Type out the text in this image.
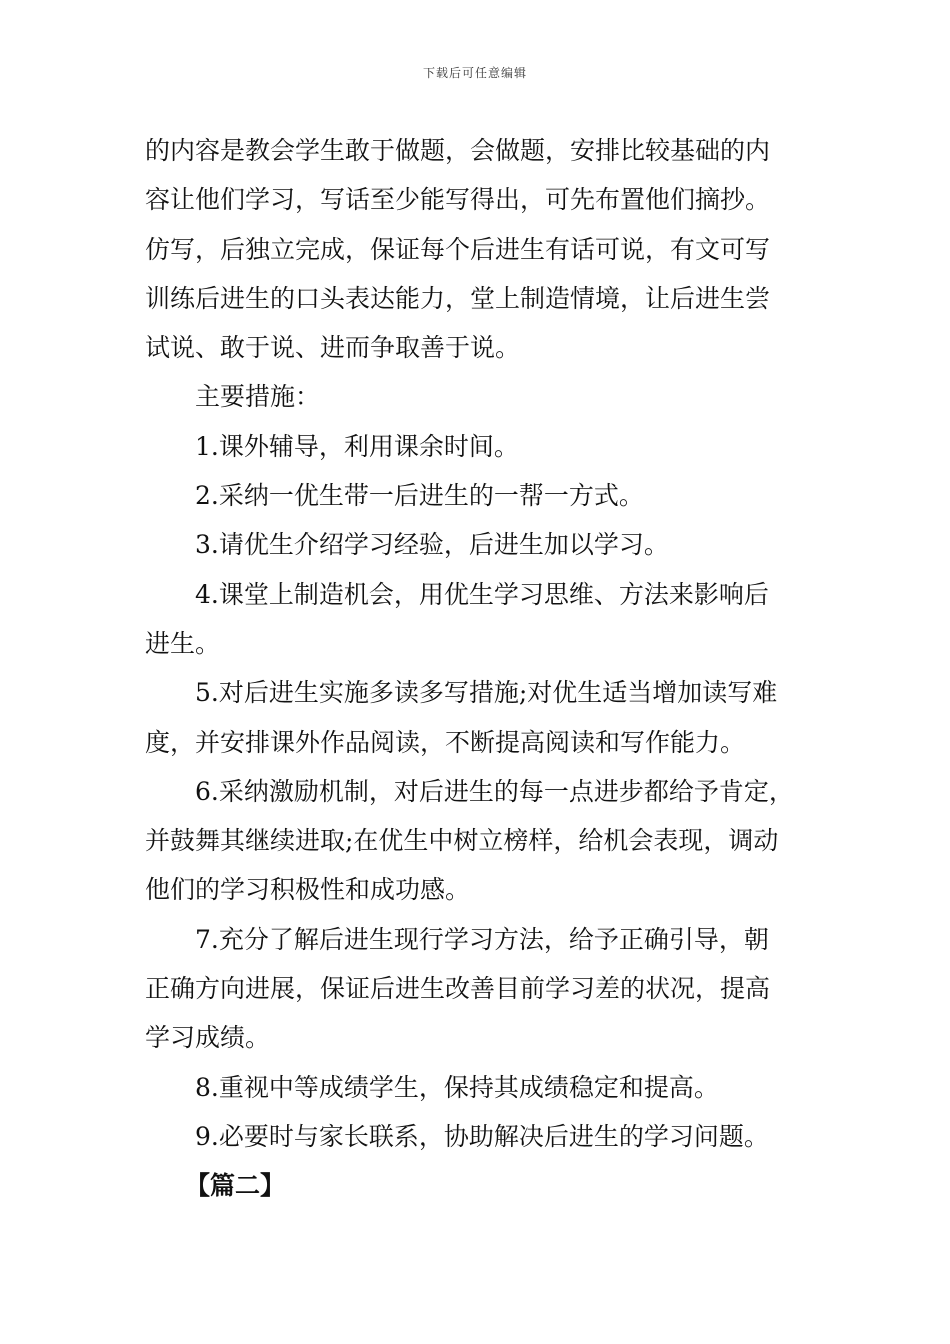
下载后可任意编辑
的内容是教会学生敢于做题，会做题，安排比较基础的内
容让他们学习，写话至少能写得出，可先布置他们摘抄。
仿写，后独立完成，保证每个后进生有话可说，有文可写
训练后进生的口头表达能力，堂上制造情境，让后进生尝
试说、敢于说、进而争取善于说。
主要措施：
1.课外辅导，利用课余时间。
2.采纳一优生带一后进生的一帮一方式。
3.请优生介绍学习经验，后进生加以学习。
4.课堂上制造机会，用优生学习思维、方法来影响后
进生。
5.对后进生实施多读多写措施;对优生适当增加读写难
度，并安排课外作品阅读，不断提高阅读和写作能力。
6.采纳激励机制，对后进生的每一点进步都给予肯定，
并鼓舞其继续进取;在优生中树立榜样，给机会表现，调动
他们的学习积极性和成功感。
7.充分了解后进生现行学习方法，给予正确引导，朝
正确方向进展，保证后进生改善目前学习差的状况，提高
学习成绩。
8.重视中等成绩学生，保持其成绩稳定和提高。
9.必要时与家长联系，协助解决后进生的学习问题。
【篇二】
